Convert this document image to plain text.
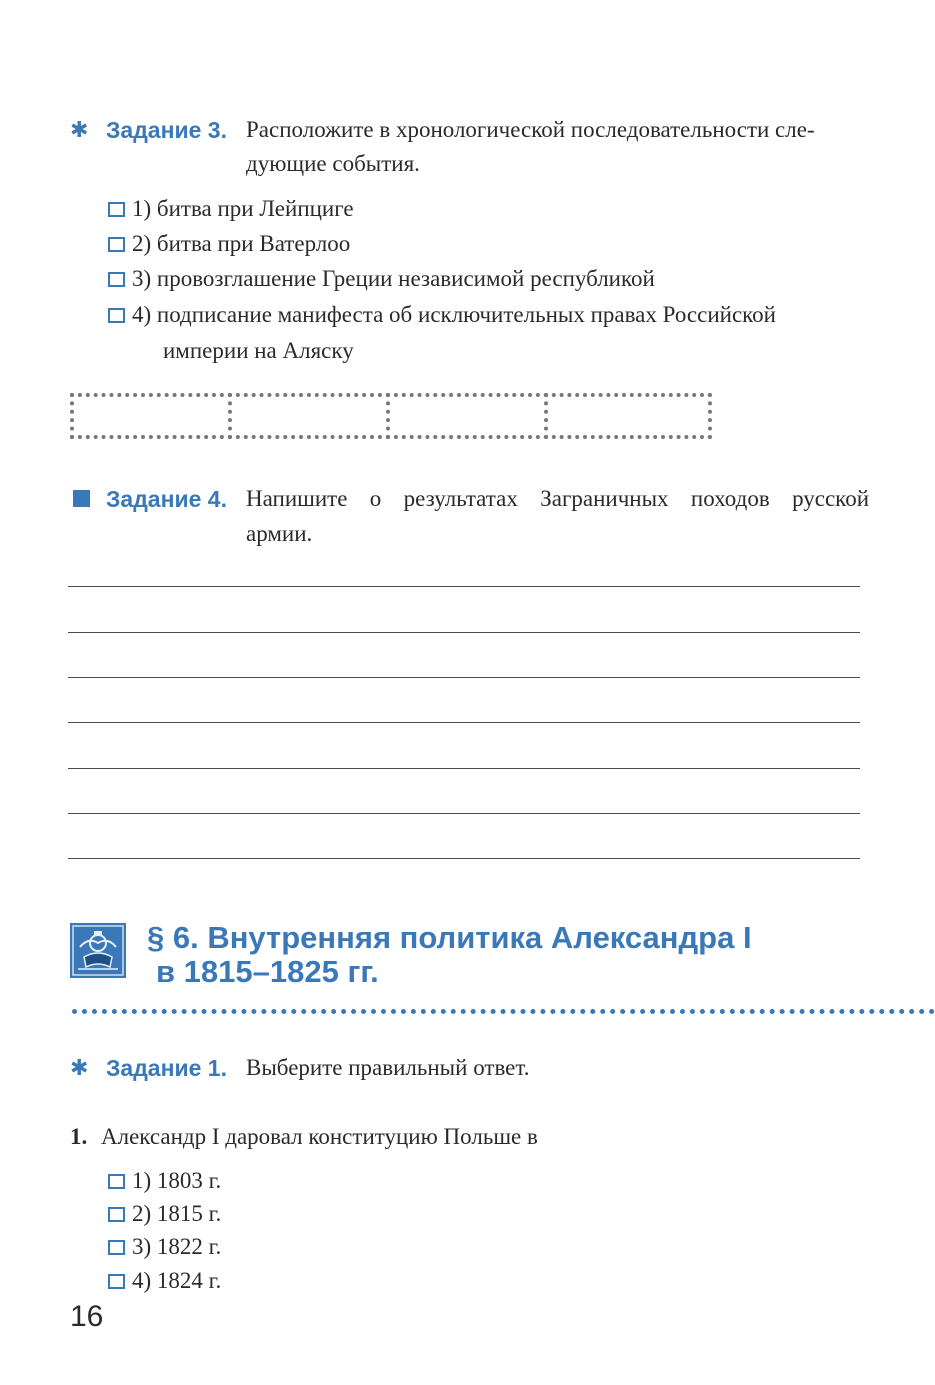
✱ Задание 3. Расположите в хронологической последовательности сле-
дующие события.
1) битва при Лейпциге
2) битва при Ватерлоо
3) провозглашение Греции независимой республикой
4) подписание манифеста об исключительных правах Российской
империи на Аляску
Задание 4. Напишите о результатах Заграничных походов русской
армии.
§ 6. Внутренняя политика Александра I
в 1815–1825 гг.
✱ Задание 1. Выберите правильный ответ.
1. Александр I даровал конституцию Польше в
1) 1803 г.
2) 1815 г.
3) 1822 г.
4) 1824 г.
16
